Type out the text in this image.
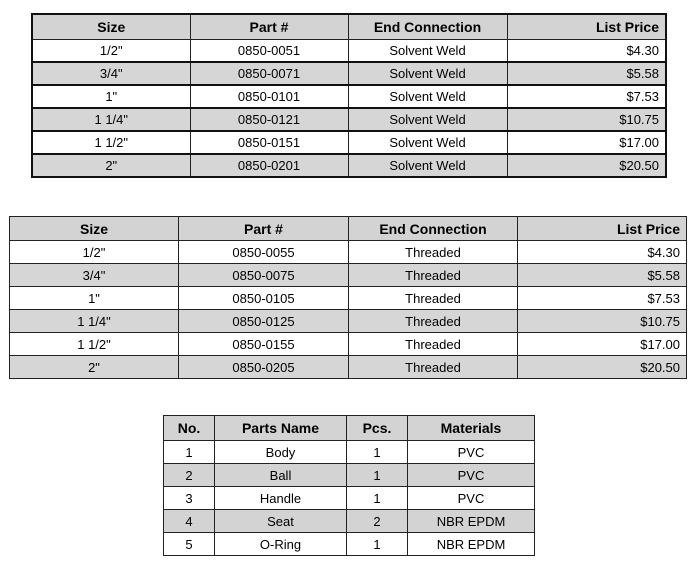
Size	Part #	End Connection	List Price
1/2"	0850-0051	Solvent Weld	$4.30
3/4"	0850-0071	Solvent Weld	$5.58
1"	0850-0101	Solvent Weld	$7.53
1 1/4"	0850-0121	Solvent Weld	$10.75
1 1/2"	0850-0151	Solvent Weld	$17.00
2"	0850-0201	Solvent Weld	$20.50
Size	Part #	End Connection	List Price
1/2"	0850-0055	Threaded	$4.30
3/4"	0850-0075	Threaded	$5.58
1"	0850-0105	Threaded	$7.53
1 1/4"	0850-0125	Threaded	$10.75
1 1/2"	0850-0155	Threaded	$17.00
2"	0850-0205	Threaded	$20.50
No.	Parts Name	Pcs.	Materials
1	Body	1	PVC
2	Ball	1	PVC
3	Handle	1	PVC
4	Seat	2	NBR EPDM
5	O-Ring	1	NBR EPDM
